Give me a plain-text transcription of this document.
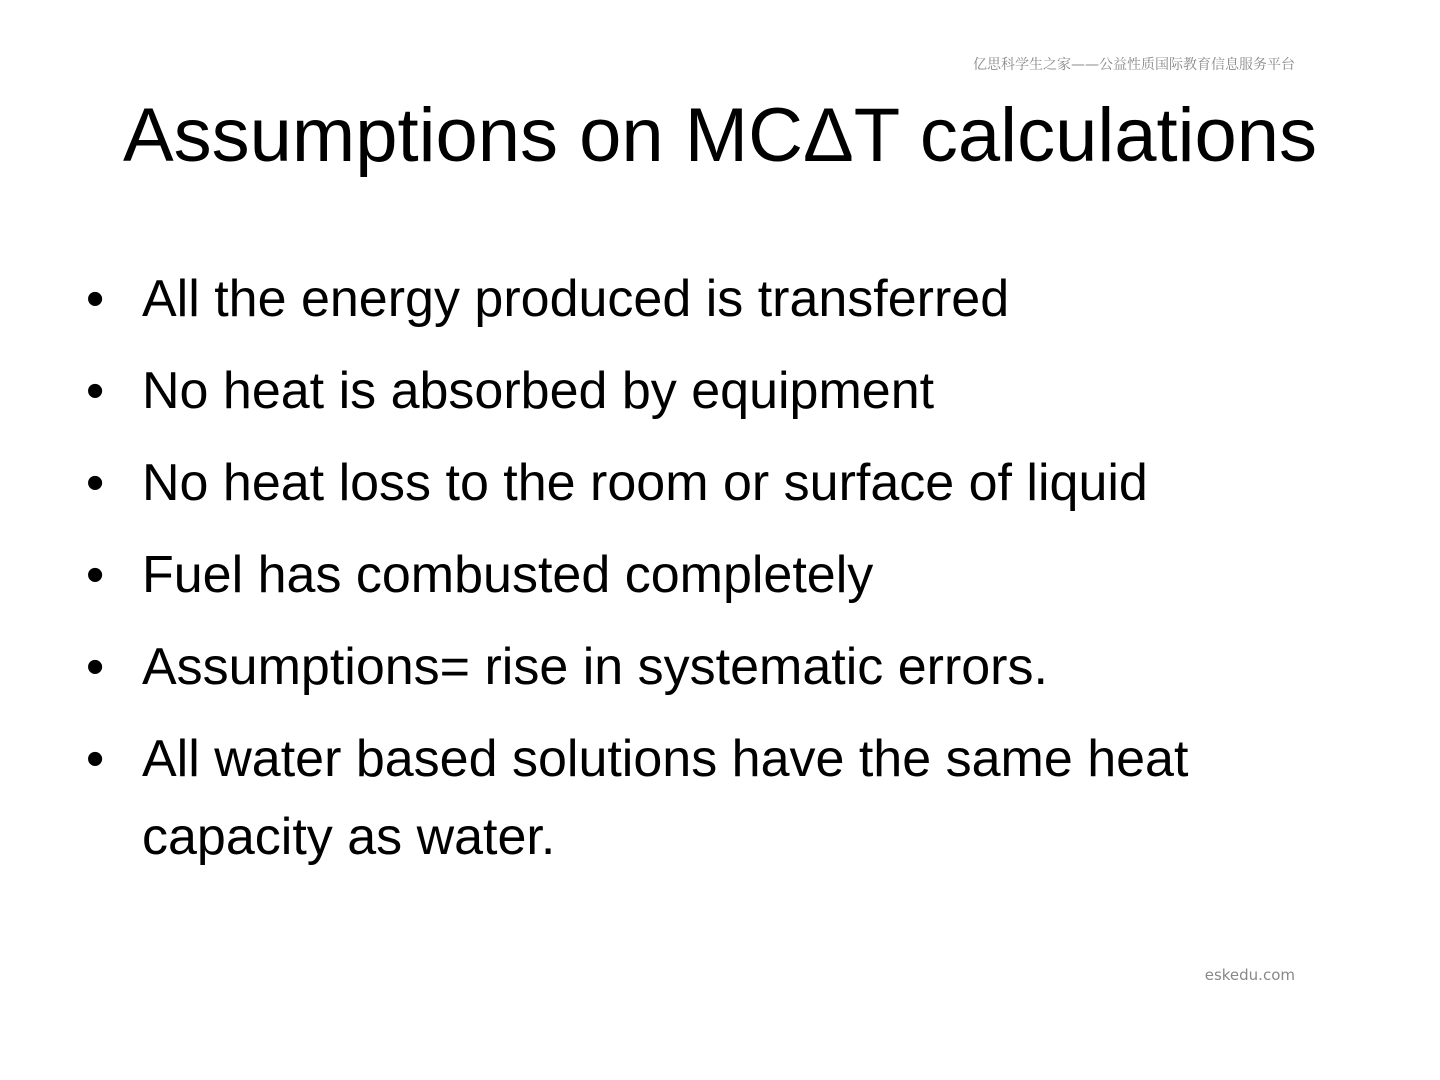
亿思科学生之家——公益性质国际教育信息服务平台
Assumptions on MCΔT calculations
• All the energy produced is transferred
• No heat is absorbed by equipment
• No heat loss to the room or surface of liquid
• Fuel has combusted completely
• Assumptions= rise in systematic errors.
• All water based solutions have the same heat capacity as water.
eskedu.com
